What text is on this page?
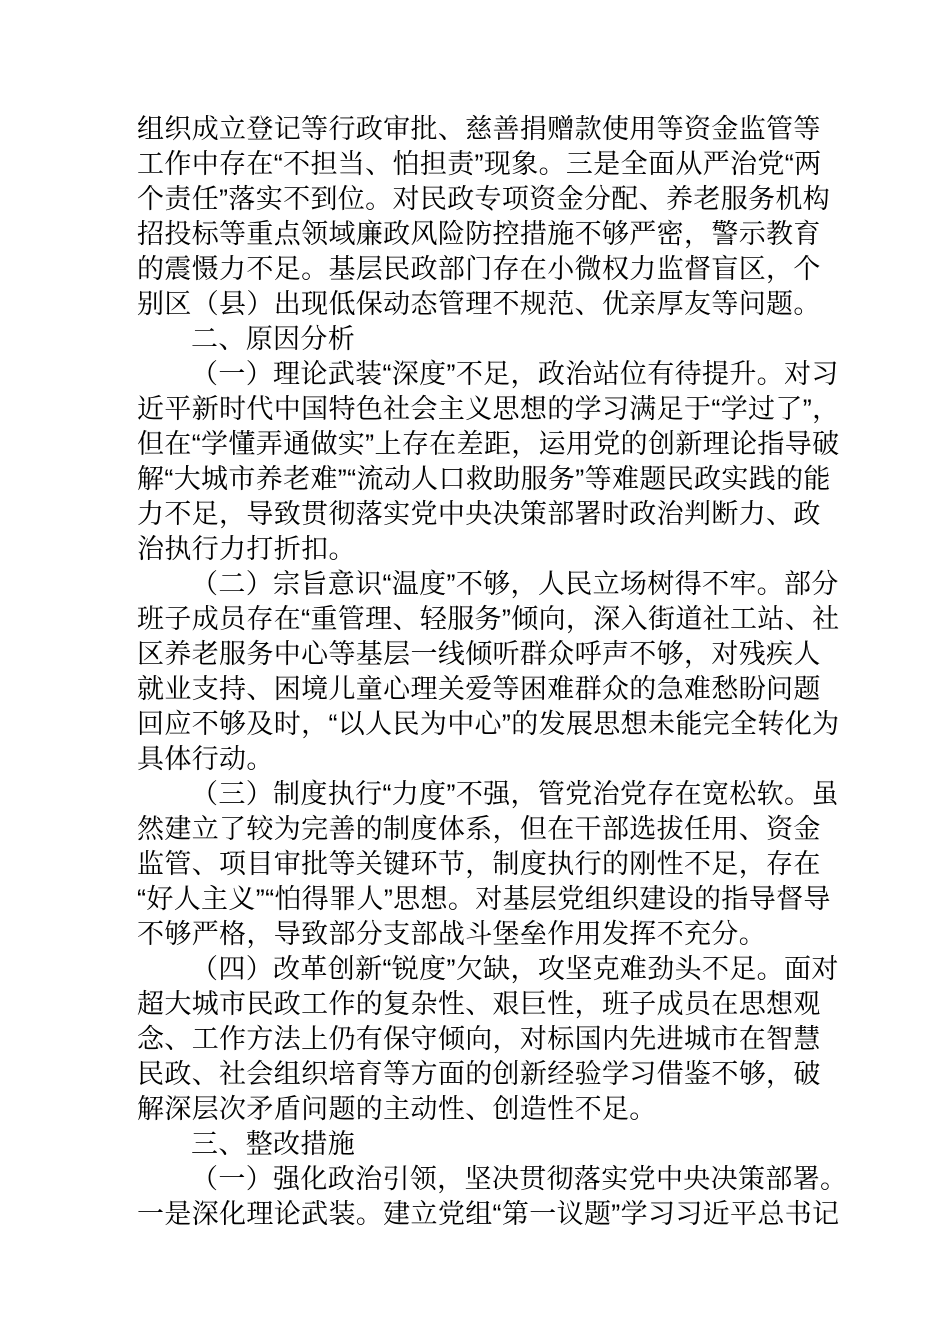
组织成立登记等行政审批、慈善捐赠款使用等资金监管等
工作中存在“不担当、怕担责”现象。三是全面从严治党“两
个责任”落实不到位。对民政专项资金分配、养老服务机构
招投标等重点领域廉政风险防控措施不够严密，警示教育
的震慑力不足。基层民政部门存在小微权力监督盲区，个
别区（县）出现低保动态管理不规范、优亲厚友等问题。
二、原因分析
（一）理论武装“深度”不足，政治站位有待提升。对习
近平新时代中国特色社会主义思想的学习满足于“学过了”，
但在“学懂弄通做实”上存在差距，运用党的创新理论指导破
解“大城市养老难”“流动人口救助服务”等难题民政实践的能
力不足，导致贯彻落实党中央决策部署时政治判断力、政
治执行力打折扣。
（二）宗旨意识“温度”不够，人民立场树得不牢。部分
班子成员存在“重管理、轻服务”倾向，深入街道社工站、社
区养老服务中心等基层一线倾听群众呼声不够，对残疾人
就业支持、困境儿童心理关爱等困难群众的急难愁盼问题
回应不够及时，“以人民为中心”的发展思想未能完全转化为
具体行动。
（三）制度执行“力度”不强，管党治党存在宽松软。虽
然建立了较为完善的制度体系，但在干部选拔任用、资金
监管、项目审批等关键环节，制度执行的刚性不足，存在
“好人主义”“怕得罪人”思想。对基层党组织建设的指导督导
不够严格，导致部分支部战斗堡垒作用发挥不充分。
（四）改革创新“锐度”欠缺，攻坚克难劲头不足。面对
超大城市民政工作的复杂性、艰巨性，班子成员在思想观
念、工作方法上仍有保守倾向，对标国内先进城市在智慧
民政、社会组织培育等方面的创新经验学习借鉴不够，破
解深层次矛盾问题的主动性、创造性不足。
三、整改措施
（一）强化政治引领，坚决贯彻落实党中央决策部署。
一是深化理论武装。建立党组“第一议题”学习习近平总书记
